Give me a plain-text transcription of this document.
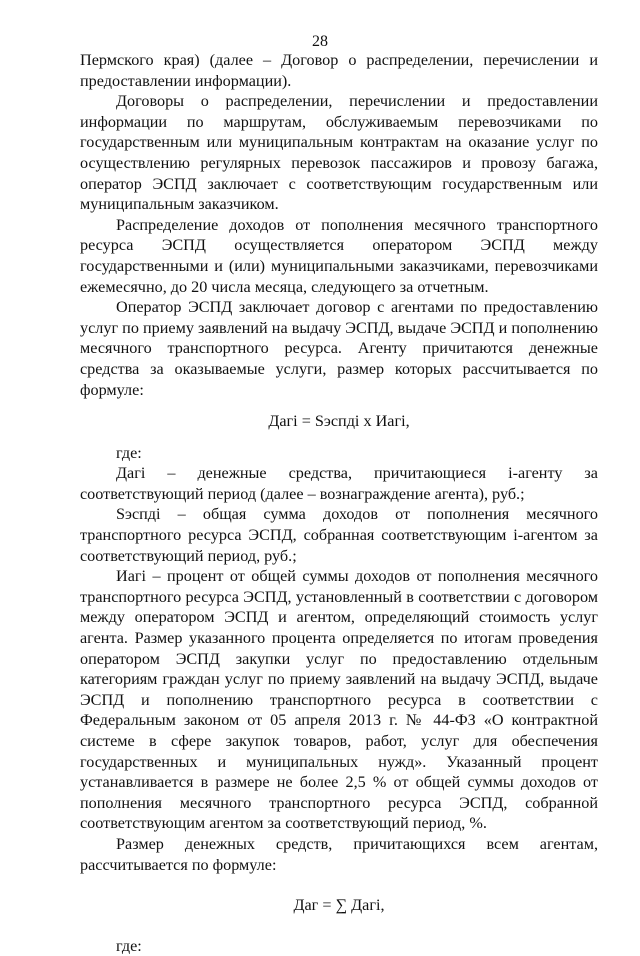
28

Пермского края) (далее – Договор о распределении, перечислении и предоставлении информации).

Договоры о распределении, перечислении и предоставлении информации по маршрутам, обслуживаемым перевозчиками по государственным или муниципальным контрактам на оказание услуг по осуществлению регулярных перевозок пассажиров и провозу багажа, оператор ЭСПД заключает с соответствующим государственным или муниципальным заказчиком.

Распределение доходов от пополнения месячного транспортного ресурса ЭСПД осуществляется оператором ЭСПД между государственными и (или) муниципальными заказчиками, перевозчиками ежемесячно, до 20 числа месяца, следующего за отчетным.

Оператор ЭСПД заключает договор с агентами по предоставлению услуг по приему заявлений на выдачу ЭСПД, выдаче ЭСПД и пополнению месячного транспортного ресурса. Агенту причитаются денежные средства за оказываемые услуги, размер которых рассчитывается по формуле:

Дагі = Sэспді x Иагі,

где:

Дагі – денежные средства, причитающиеся і-агенту за соответствующий период (далее – вознаграждение агента), руб.;

Sэспді – общая сумма доходов от пополнения месячного транспортного ресурса ЭСПД, собранная соответствующим і-агентом за соответствующий период, руб.;

Иагі – процент от общей суммы доходов от пополнения месячного транспортного ресурса ЭСПД, установленный в соответствии с договором между оператором ЭСПД и агентом, определяющий стоимость услуг агента. Размер указанного процента определяется по итогам проведения оператором ЭСПД закупки услуг по предоставлению отдельным категориям граждан услуг по приему заявлений на выдачу ЭСПД, выдаче ЭСПД и пополнению транспортного ресурса в соответствии с Федеральным законом от 05 апреля 2013 г. № 44-ФЗ «О контрактной системе в сфере закупок товаров, работ, услуг для обеспечения государственных и муниципальных нужд». Указанный процент устанавливается в размере не более 2,5 % от общей суммы доходов от пополнения месячного транспортного ресурса ЭСПД, собранной соответствующим агентом за соответствующий период, %.

Размер денежных средств, причитающихся всем агентам, рассчитывается по формуле:

Даг = ∑ Дагі,

где:
